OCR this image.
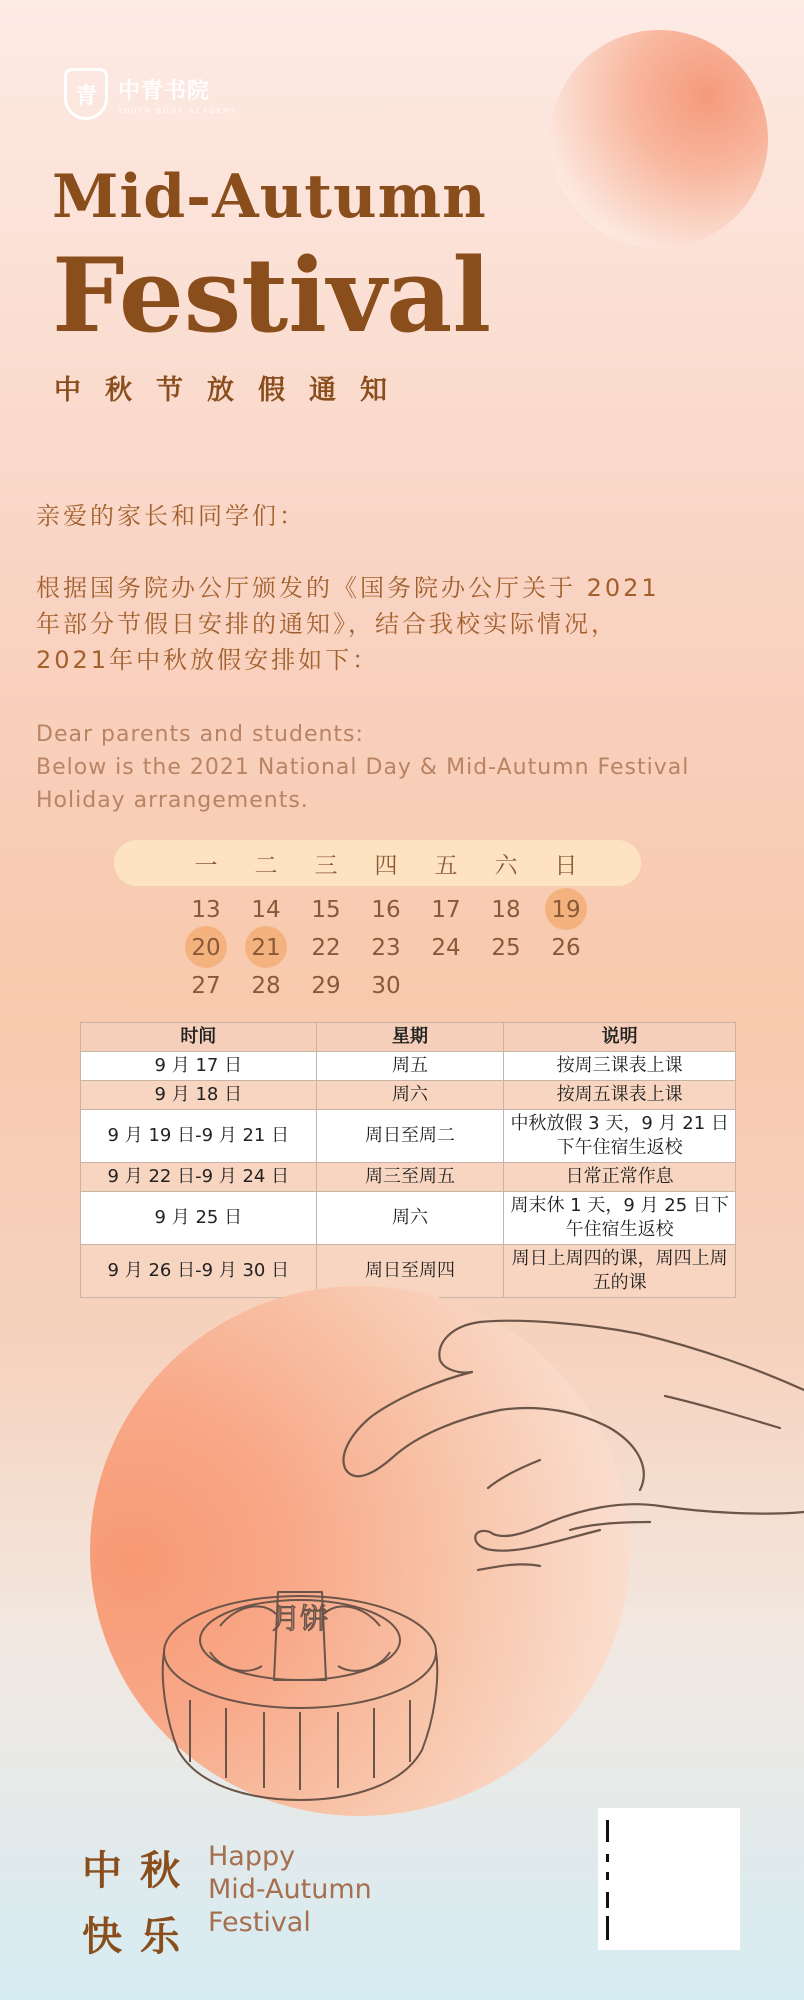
青 中青书院
YOUTH BOOK ACADEMY
Mid-Autumn
Festival
中秋节放假通知
亲爱的家长和同学们：
根据国务院办公厅颁发的《国务院办公厅关于 2021
年部分节假日安排的通知》，结合我校实际情况，
2021年中秋放假安排如下：
Dear parents and students:
Below is the 2021 National Day & Mid-Autumn Festival
Holiday arrangements.
一	二	三	四	五	六	日
13	14	15	16	17	18	19
20	21	22	23	24	25	26
27	28	29	30
时间	星期	说明
9 月 17 日	周五	按周三课表上课
9 月 18 日	周六	按周五课表上课
9 月 19 日-9 月 21 日	周日至周二	中秋放假 3 天，9 月 21 日下午住宿生返校
9 月 22 日-9 月 24 日	周三至周五	日常正常作息
9 月 25 日	周六	周末休 1 天，9 月 25 日下午住宿生返校
9 月 26 日-9 月 30 日	周日至周四	周日上周四的课，周四上周五的课
月饼
中秋
快乐
Happy
Mid-Autumn
Festival
